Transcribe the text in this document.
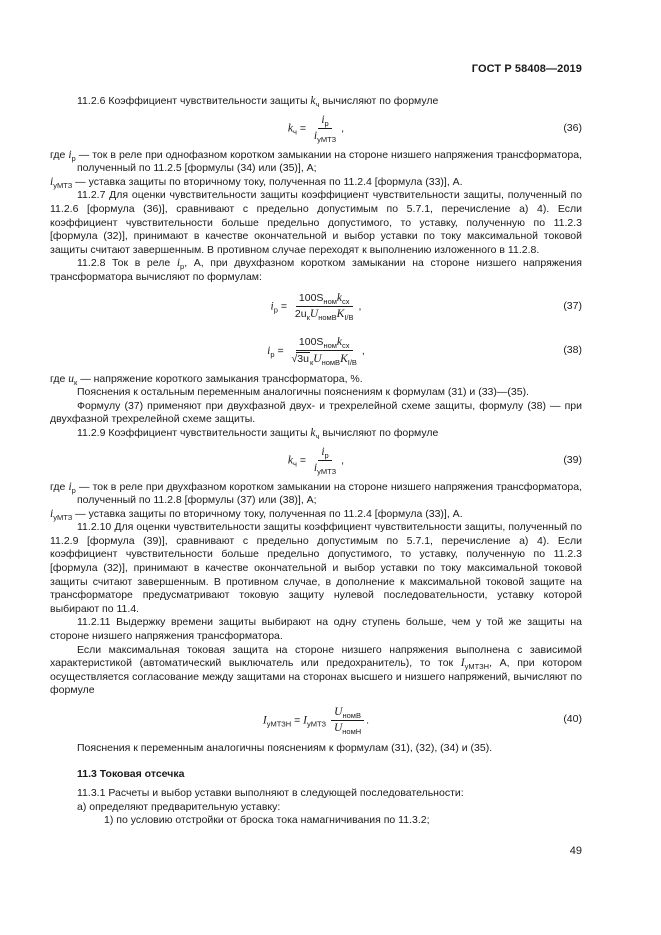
ГОСТ Р 58408—2019

11.2.6 Коэффициент чувствительности защиты $k_ч$ вычисляют по формуле

$k_ч = \frac{i_р}{i_{уМТЗ}}$ ,	(36)

где $i_р$ — ток в реле при однофазном коротком замыкании на стороне низшего напряжения трансформатора, полученный по 11.2.5 [формулы (34) или (35)], А;

$i_{уМТЗ}$ — уставка защиты по вторичному току, полученная по 11.2.4 [формула (33)], А.

11.2.7 Для оценки чувствительности защиты коэффициент чувствительности защиты, полученный по 11.2.6 [формула (36)], сравнивают с предельно допустимым по 5.7.1, перечисление а) 4). Если коэффициент чувствительности больше предельно допустимого, то уставку, полученную по 11.2.3 [формула (32)], принимают в качестве окончательной и выбор уставки по току максимальной токовой защиты считают завершенным. В противном случае переходят к выполнению изложенного в 11.2.8.

11.2.8 Ток в реле $i_р$, А, при двухфазном коротком замыкании на стороне низшего напряжения трансформатора вычисляют по формулам:

$i_р = \frac{100S_{ном}k_{сх}}{2u_кU_{номВ}K_{I/В}}$ ,	(37)
$i_р = \frac{100S_{ном}k_{сх}}{√3u_кU_{номВ}K_{I/В}}$ ,	(38)

где $u_к$ — напряжение короткого замыкания трансформатора, %.

Пояснения к остальным переменным аналогичны пояснениям к формулам (31) и (33)—(35).

Формулу (37) применяют при двухфазной двух- и трехрелейной схеме защиты, формулу (38) — при двухфазной трехрелейной схеме защиты.

11.2.9 Коэффициент чувствительности защиты $k_ч$ вычисляют по формуле

$k_ч = \frac{i_р}{i_{уМТЗ}}$ ,	(39)

где $i_р$ — ток в реле при двухфазном коротком замыкании на стороне низшего напряжения трансформатора, полученный по 11.2.8 [формулы (37) или (38)], А;

$i_{уМТЗ}$ — уставка защиты по вторичному току, полученная по 11.2.4 [формула (33)], А.

11.2.10 Для оценки чувствительности защиты коэффициент чувствительности защиты, полученный по 11.2.9 [формула (39)], сравнивают с предельно допустимым по 5.7.1, перечисление а) 4). Если коэффициент чувствительности больше предельно допустимого, то уставку, полученную по 11.2.3 [формула (32)], принимают в качестве окончательной и выбор уставки по току максимальной токовой защиты считают завершенным. В противном случае, в дополнение к максимальной токовой защите на трансформаторе предусматривают токовую защиту нулевой последовательности, уставку которой выбирают по 11.4.

11.2.11 Выдержку времени защиты выбирают на одну ступень больше, чем у той же защиты на стороне низшего напряжения трансформатора.

Если максимальная токовая защита на стороне низшего напряжения выполнена с зависимой характеристикой (автоматический выключатель или предохранитель), то ток $I_{уМТЗН}$, А, при котором осуществляется согласование между защитами на сторонах высшего и низшего напряжений, вычисляют по формуле

$I_{уМТЗН} = I_{уМТЗ} \frac{U_{номВ}}{U_{номН}}$ .	(40)

Пояснения к переменным аналогичны пояснениям к формулам (31), (32), (34) и (35).

11.3 Токовая отсечка

11.3.1 Расчеты и выбор уставки выполняют в следующей последовательности:

а) определяют предварительную уставку:

1) по условию отстройки от броска тока намагничивания по 11.3.2;

49
